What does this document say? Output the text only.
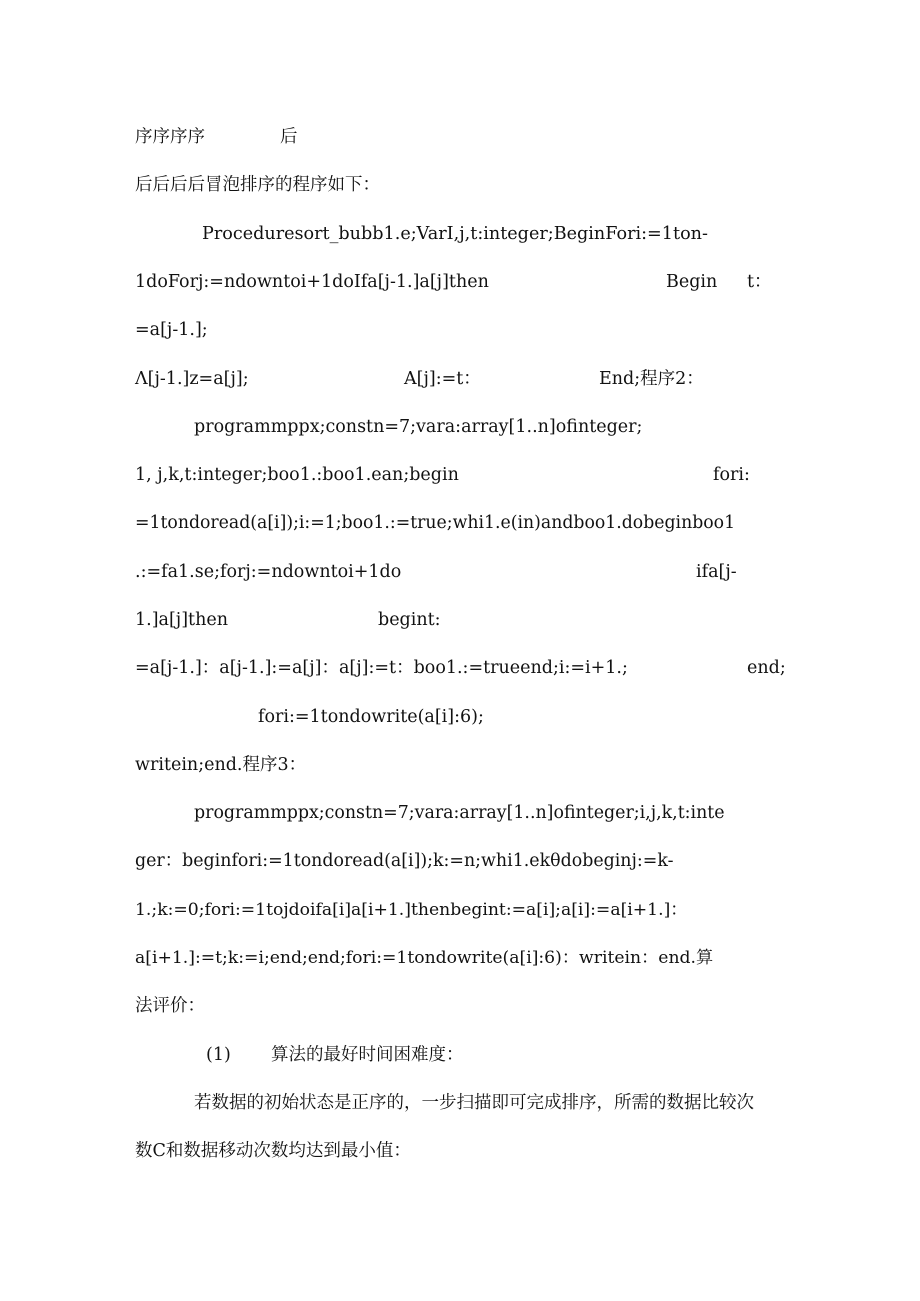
序序序序

	后

后后后后冒泡排序的程序如下：

Proceduresort_bubb1.e;VarI,j,t:integer;BeginFori:=1ton-

1doForj:=ndowntoi+1doIfa[j-1.]a[j]then

	Begin

t：

=a[j-1.];

Λ[j-1.]z=a[j];

	A[j]:=t：

	End;程序2：

programmppx;constn=7;vara:array[1..n]ofinteger;

1, j,k,t:integer;boo1.:boo1.ean;begin

	fori:

=1tondoread(a[i]);i:=1;boo1.:=true;whi1.e(in)andboo1.dobeginboo1

.:=fa1.se;forj:=ndowntoi+1do

	ifa[j-

1.]a[j]then

	begint:

=a[j-1.]：a[j-1.]:=a[j]：a[j]:=t：boo1.:=trueend;i:=i+1.;

	end;

fori:=1tondowrite(a[i]:6);

writein;end.程序3：

programmppx;constn=7;vara:array[1..n]ofinteger;i,j,k,t:inte

ger：beginfori:=1tondoread(a[i]);k:=n;whi1.ekθdobeginj:=k-

1.;k:=0;fori:=1tojdoifa[i]a[i+1.]thenbegint:=a[i];a[i]:=a[i+1.]：

a[i+1.]:=t;k:=i;end;end;fori:=1tondowrite(a[i]:6)：writein：end.算

法评价：

(1)

算法的最好时间困难度：

若数据的初始状态是正序的，一步扫描即可完成排序，所需的数据比较次

数C和数据移动次数均达到最小值：
